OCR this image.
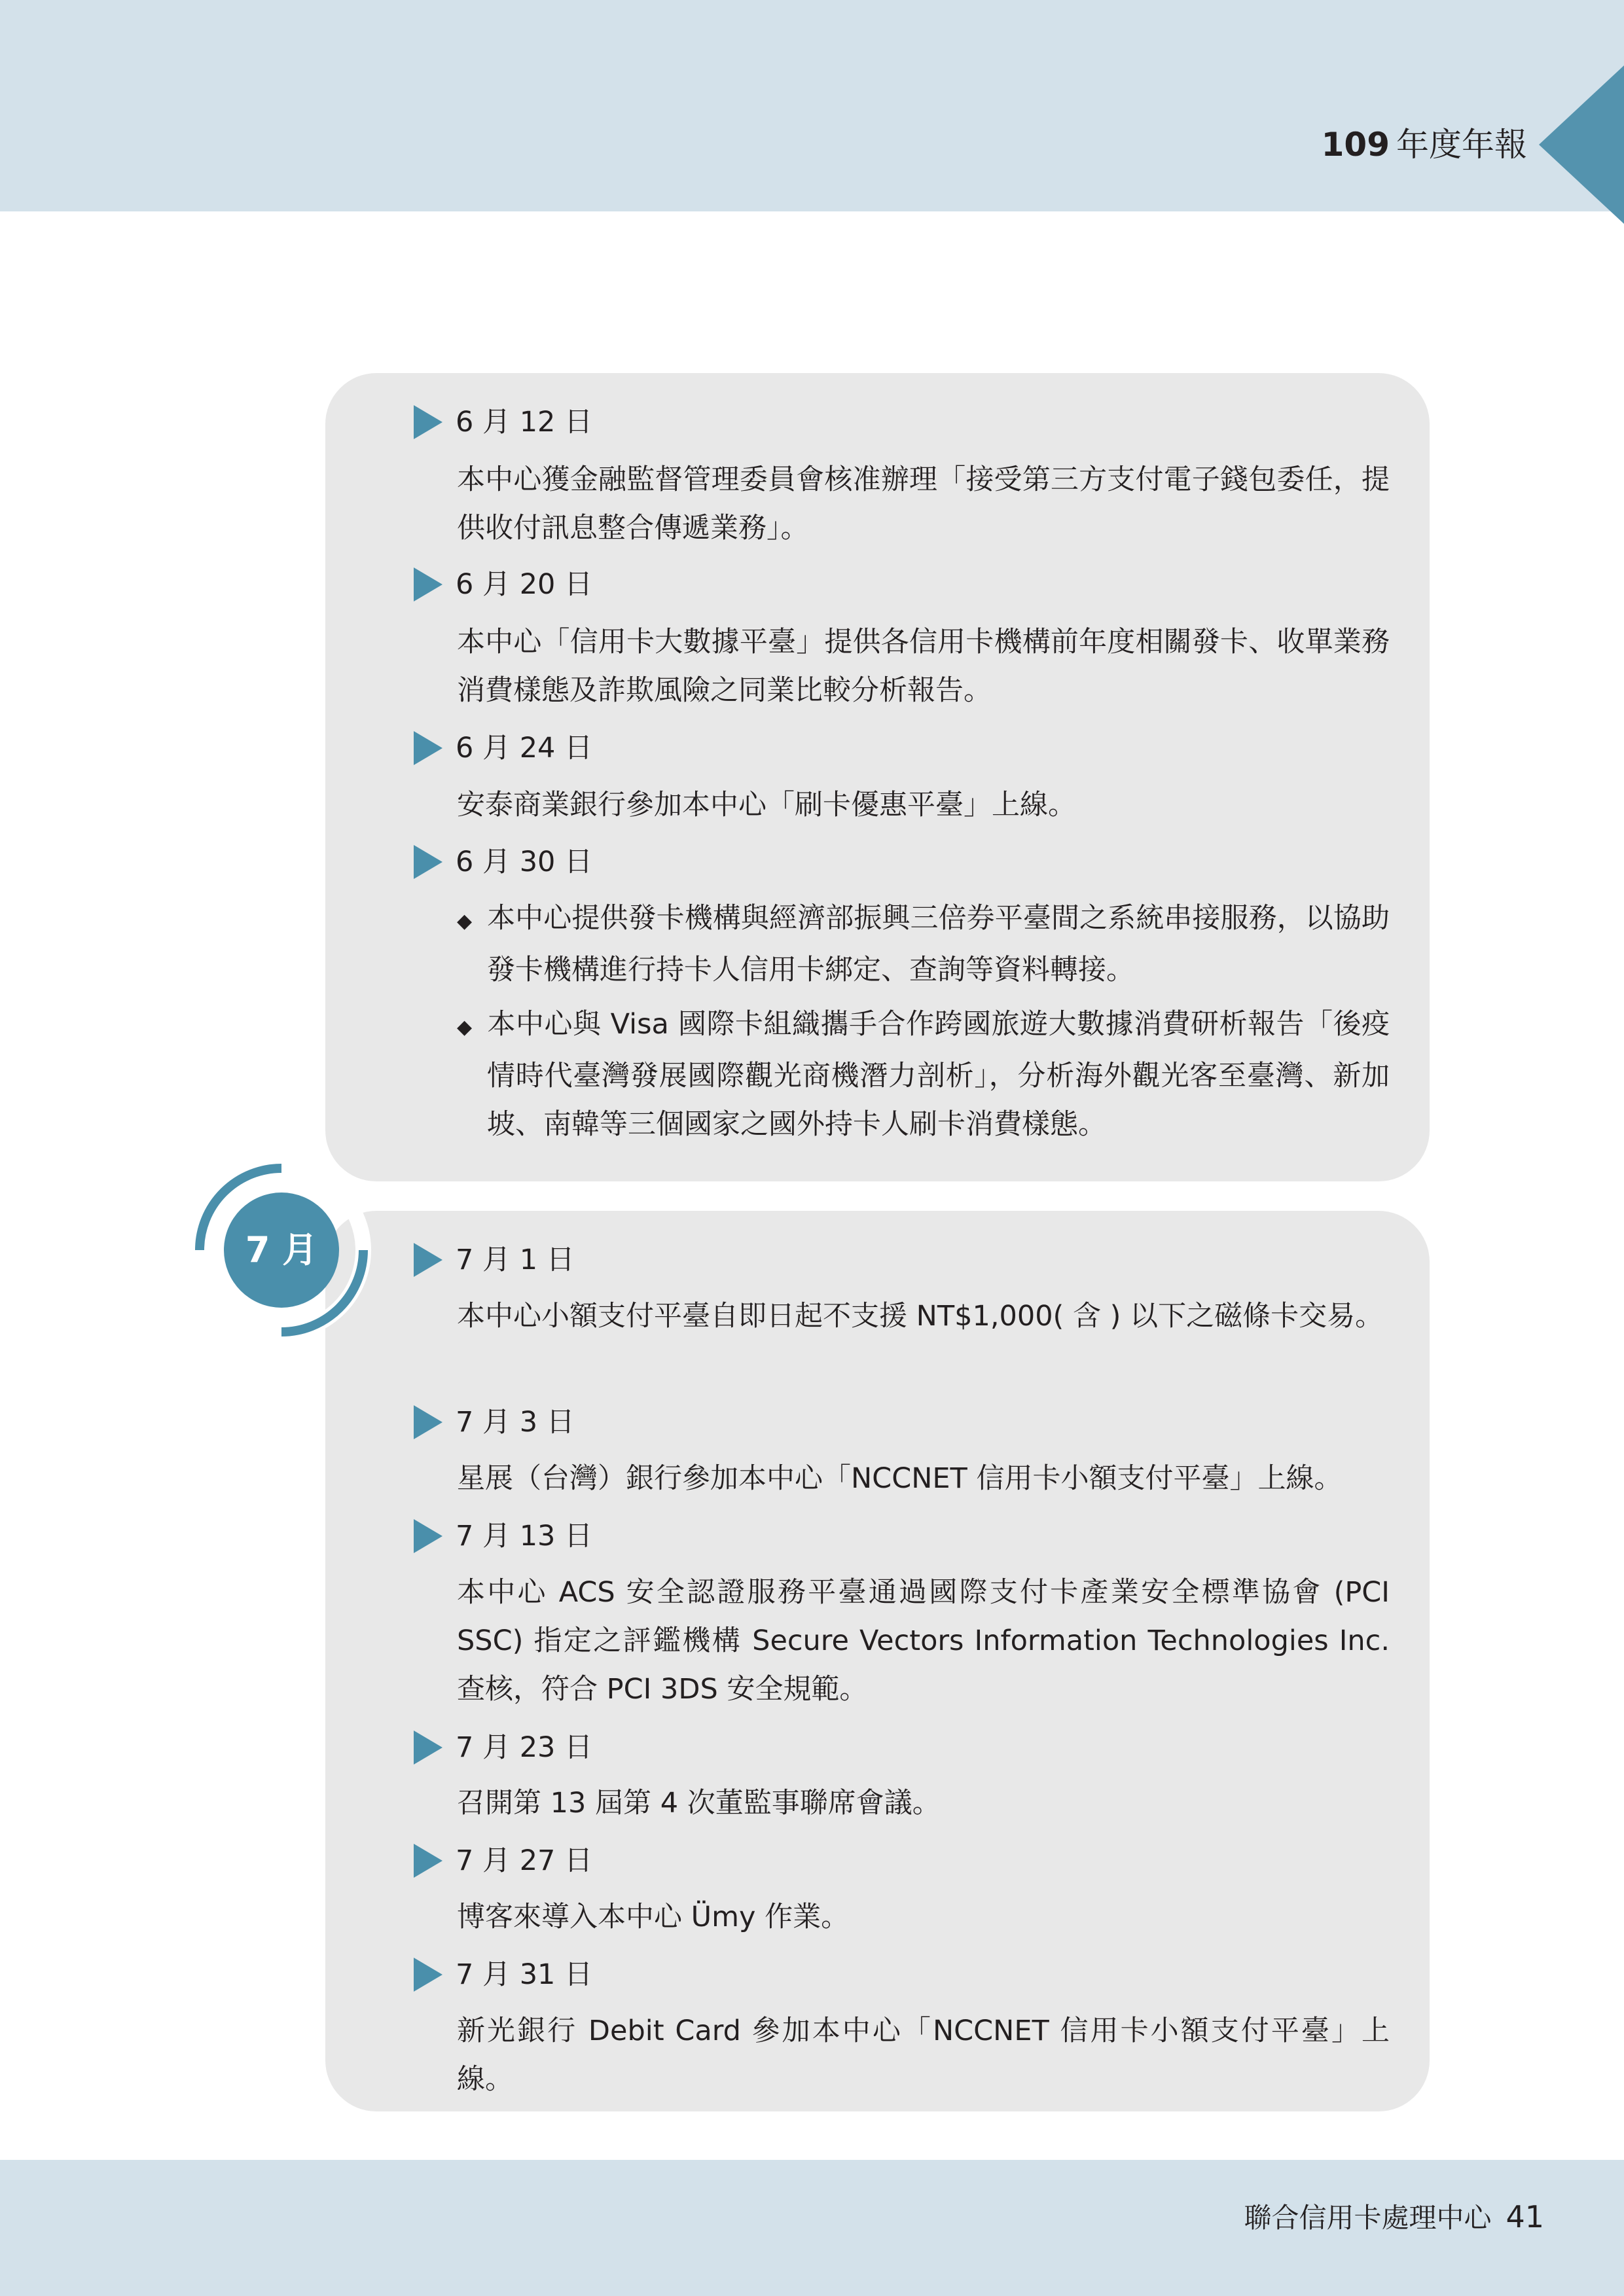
109 年度年報
6 月 12 日
本中心獲金融監督管理委員會核准辦理「接受第三方支付電子錢包委任，提供收付訊息整合傳遞業務」。
6 月 20 日
本中心「信用卡大數據平臺」提供各信用卡機構前年度相關發卡、收單業務消費樣態及詐欺風險之同業比較分析報告。
6 月 24 日
安泰商業銀行參加本中心「刷卡優惠平臺」上線。
6 月 30 日
◆ 本中心提供發卡機構與經濟部振興三倍券平臺間之系統串接服務，以協助發卡機構進行持卡人信用卡綁定、查詢等資料轉接。
◆ 本中心與 Visa 國際卡組織攜手合作跨國旅遊大數據消費研析報告「後疫情時代臺灣發展國際觀光商機潛力剖析」，分析海外觀光客至臺灣、新加坡、南韓等三個國家之國外持卡人刷卡消費樣態。
7 月	7 月 1 日
本中心小額支付平臺自即日起不支援 NT$1,000( 含 ) 以下之磁條卡交易。
7 月 3 日
星展（台灣）銀行參加本中心「NCCNET 信用卡小額支付平臺」上線。
7 月 13 日
本中心 ACS 安全認證服務平臺通過國際支付卡產業安全標準協會 (PCI SSC) 指定之評鑑機構 Secure Vectors Information Technologies Inc. 查核，符合 PCI 3DS 安全規範。
7 月 23 日
召開第 13 屆第 4 次董監事聯席會議。
7 月 27 日
博客來導入本中心 Ümy 作業。
7 月 31 日
新光銀行 Debit Card 參加本中心「NCCNET 信用卡小額支付平臺」上線。
聯合信用卡處理中心 41
